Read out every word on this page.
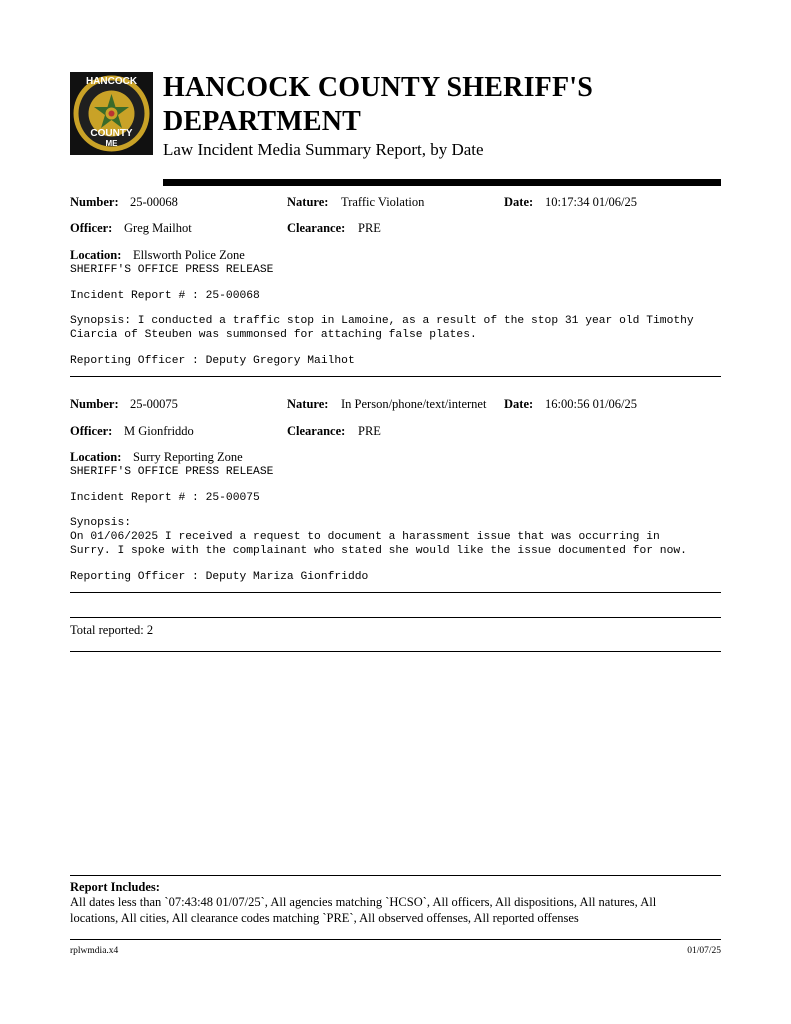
HANCOCK
COUNTY
ME
HANCOCK COUNTY SHERIFF'S
DEPARTMENT
Law Incident Media Summary Report, by Date
Number: 25-00068	Nature: Traffic Violation	Date: 10:17:34 01/06/25
Officer: Greg Mailhot	Clearance: PRE
Location: Ellsworth Police Zone
SHERIFF'S OFFICE PRESS RELEASE
Incident Report # : 25-00068
Synopsis: I conducted a traffic stop in Lamoine, as a result of the stop 31 year old Timothy
Ciarcia of Steuben was summonsed for attaching false plates.
Reporting Officer : Deputy Gregory Mailhot
Number: 25-00075	Nature: In Person/phone/text/internet Date: 16:00:56 01/06/25
Officer: M Gionfriddo	Clearance: PRE
Location: Surry Reporting Zone
SHERIFF'S OFFICE PRESS RELEASE
Incident Report # : 25-00075
Synopsis:
On 01/06/2025 I received a request to document a harassment issue that was occurring in
Surry. I spoke with the complainant who stated she would like the issue documented for now.
Reporting Officer : Deputy Mariza Gionfriddo
Total reported: 2
Report Includes:
All dates less than `07:43:48 01/07/25`, All agencies matching `HCSO`, All officers, All dispositions, All natures, All
locations, All cities, All clearance codes matching `PRE`, All observed offenses, All reported offenses
rplwmdia.x4	01/07/25
